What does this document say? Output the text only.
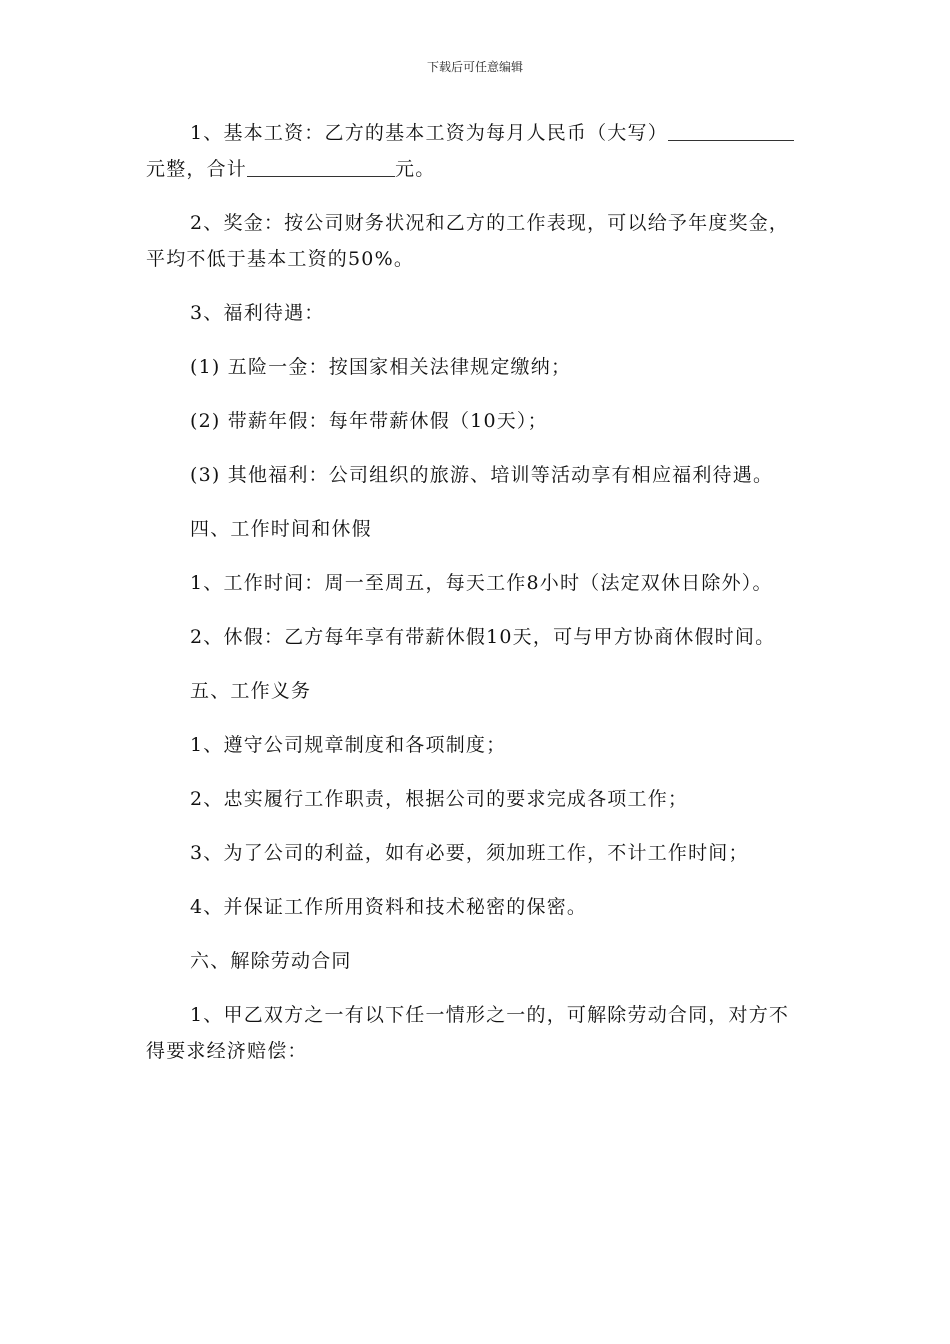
下载后可任意编辑

1、基本工资：乙方的基本工资为每月人民币（大写）元整，合计	元。

2、奖金：按公司财务状况和乙方的工作表现，可以给予年度奖金，平均不低于基本工资的50%。

3、福利待遇：

(1) 五险一金：按国家相关法律规定缴纳；

(2) 带薪年假：每年带薪休假（10天）；

(3) 其他福利：公司组织的旅游、培训等活动享有相应福利待遇。

四、工作时间和休假

1、工作时间：周一至周五，每天工作8小时（法定双休日除外）。

2、休假：乙方每年享有带薪休假10天，可与甲方协商休假时间。

五、工作义务

1、遵守公司规章制度和各项制度；

2、忠实履行工作职责，根据公司的要求完成各项工作；

3、为了公司的利益，如有必要，须加班工作，不计工作时间；

4、并保证工作所用资料和技术秘密的保密。

六、解除劳动合同

1、甲乙双方之一有以下任一情形之一的，可解除劳动合同，对方不得要求经济赔偿：
